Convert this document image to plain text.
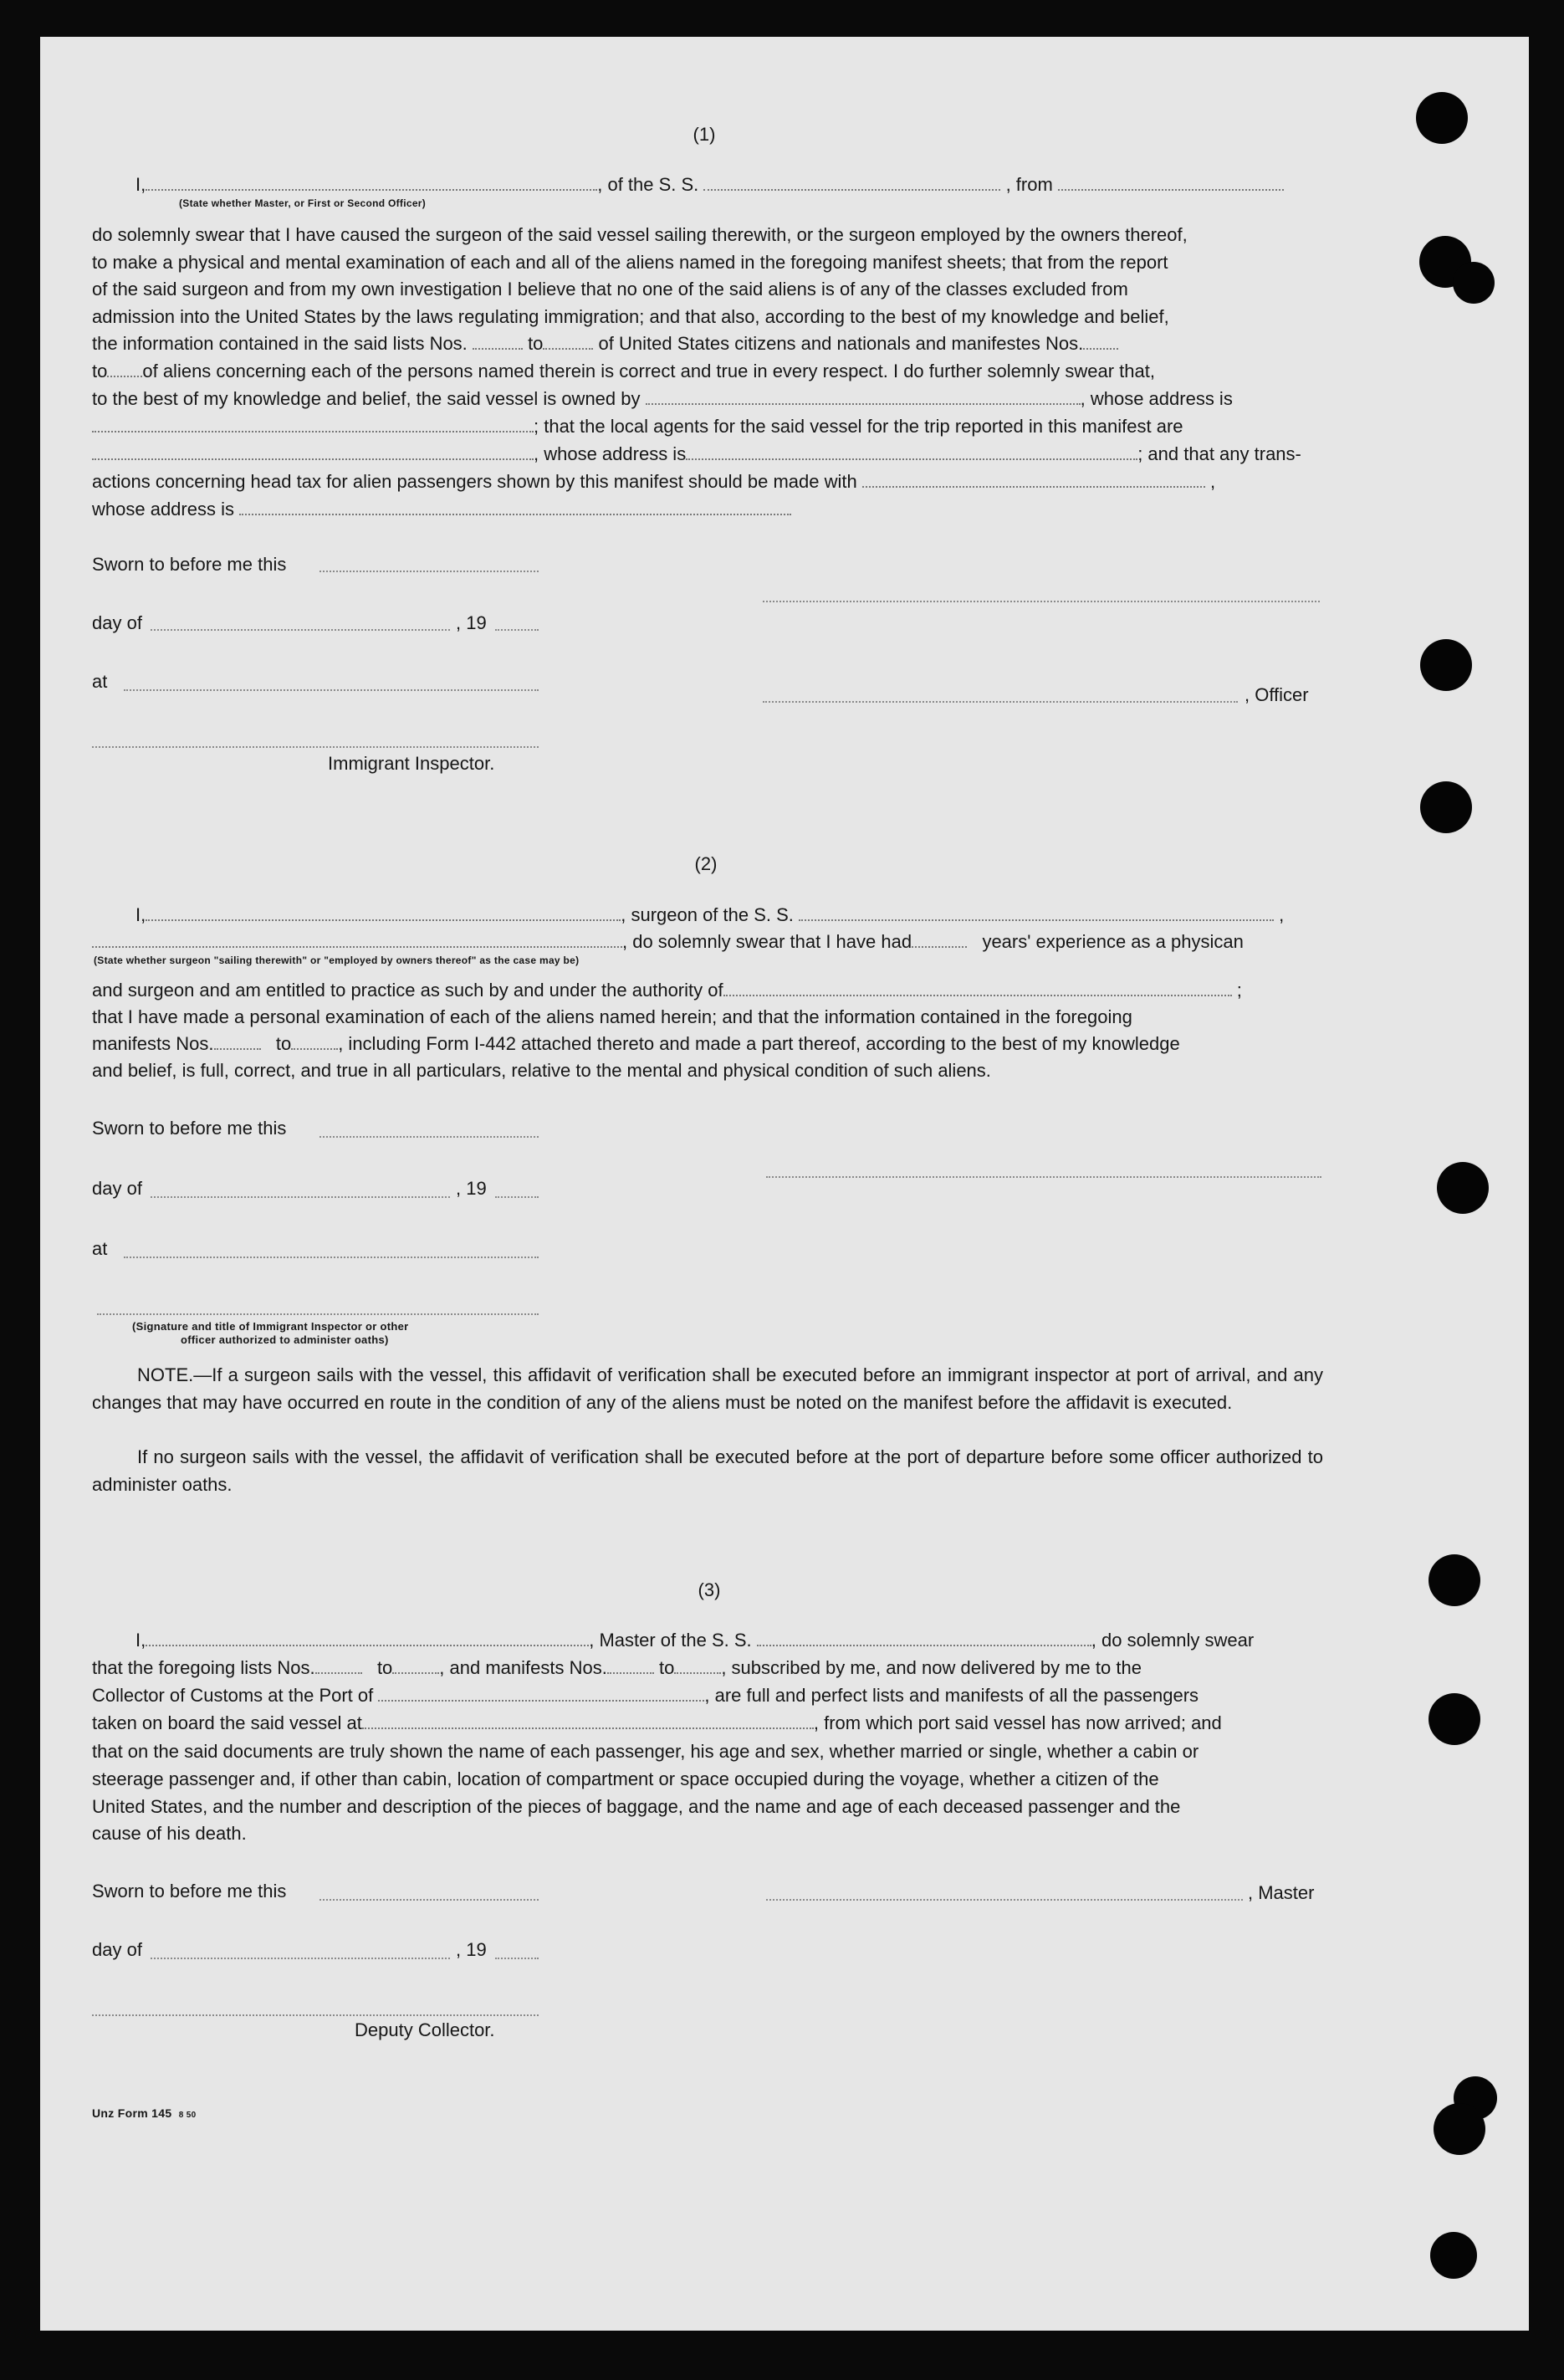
(1)
I,	, of the S. S.	, from
(State whether Master, or First or Second Officer)
do solemnly swear that I have caused the surgeon of the said vessel sailing therewith, or the surgeon employed by the owners thereof,
to make a physical and mental examination of each and all of the aliens named in the foregoing manifest sheets; that from the report
of the said surgeon and from my own investigation I believe that no one of the said aliens is of any of the classes excluded from
admission into the United States by the laws regulating immigration; and that also, according to the best of my knowledge and belief,
the information contained in the said lists Nos.	to	of United States citizens and nationals and manifestes Nos.
to of aliens concerning each of the persons named therein is correct and true in every respect. I do further solemnly swear that,
to the best of my knowledge and belief, the said vessel is owned by	, whose address is
; that the local agents for the said vessel for the trip reported in this manifest are
, whose address is	; and that any trans-
actions concerning head tax for alien passengers shown by this manifest should be made with	,
whose address is
Sworn to before me this
day of	, 19
at
, Officer
Immigrant Inspector.
(2)
I,	, surgeon of the S. S.	,
, do solemnly swear that I have had	years' experience as a physican
(State whether surgeon "sailing therewith" or "employed by owners thereof" as the case may be)
and surgeon and am entitled to practice as such by and under the authority of	;
that I have made a personal examination of each of the aliens named herein; and that the information contained in the foregoing
manifests Nos.	to	, including Form I-442 attached thereto and made a part thereof, according to the best of my knowledge
and belief, is full, correct, and true in all particulars, relative to the mental and physical condition of such aliens.
Sworn to before me this
day of	, 19
at
(Signature and title of Immigrant Inspector or other
officer authorized to administer oaths)
NOTE.—If a surgeon sails with the vessel, this affidavit of verification shall be executed before an immigrant inspector at port of arrival, and any changes that may have occurred en route in the condition of any of the aliens must be noted on the manifest before the affidavit is executed.
If no surgeon sails with the vessel, the affidavit of verification shall be executed before at the port of departure before some officer authorized to administer oaths.
(3)
I,	, Master of the S. S.	, do solemnly swear
that the foregoing lists Nos.	to	, and manifests Nos.	to	, subscribed by me, and now delivered by me to the
Collector of Customs at the Port of	, are full and perfect lists and manifests of all the passengers
taken on board the said vessel at	, from which port said vessel has now arrived; and
that on the said documents are truly shown the name of each passenger, his age and sex, whether married or single, whether a cabin or
steerage passenger and, if other than cabin, location of compartment or space occupied during the voyage, whether a citizen of the
United States, and the number and description of the pieces of baggage, and the name and age of each deceased passenger and the
cause of his death.
Sworn to before me this	, Master
day of	, 19
Deputy Collector.
Unz Form 145 8 50
